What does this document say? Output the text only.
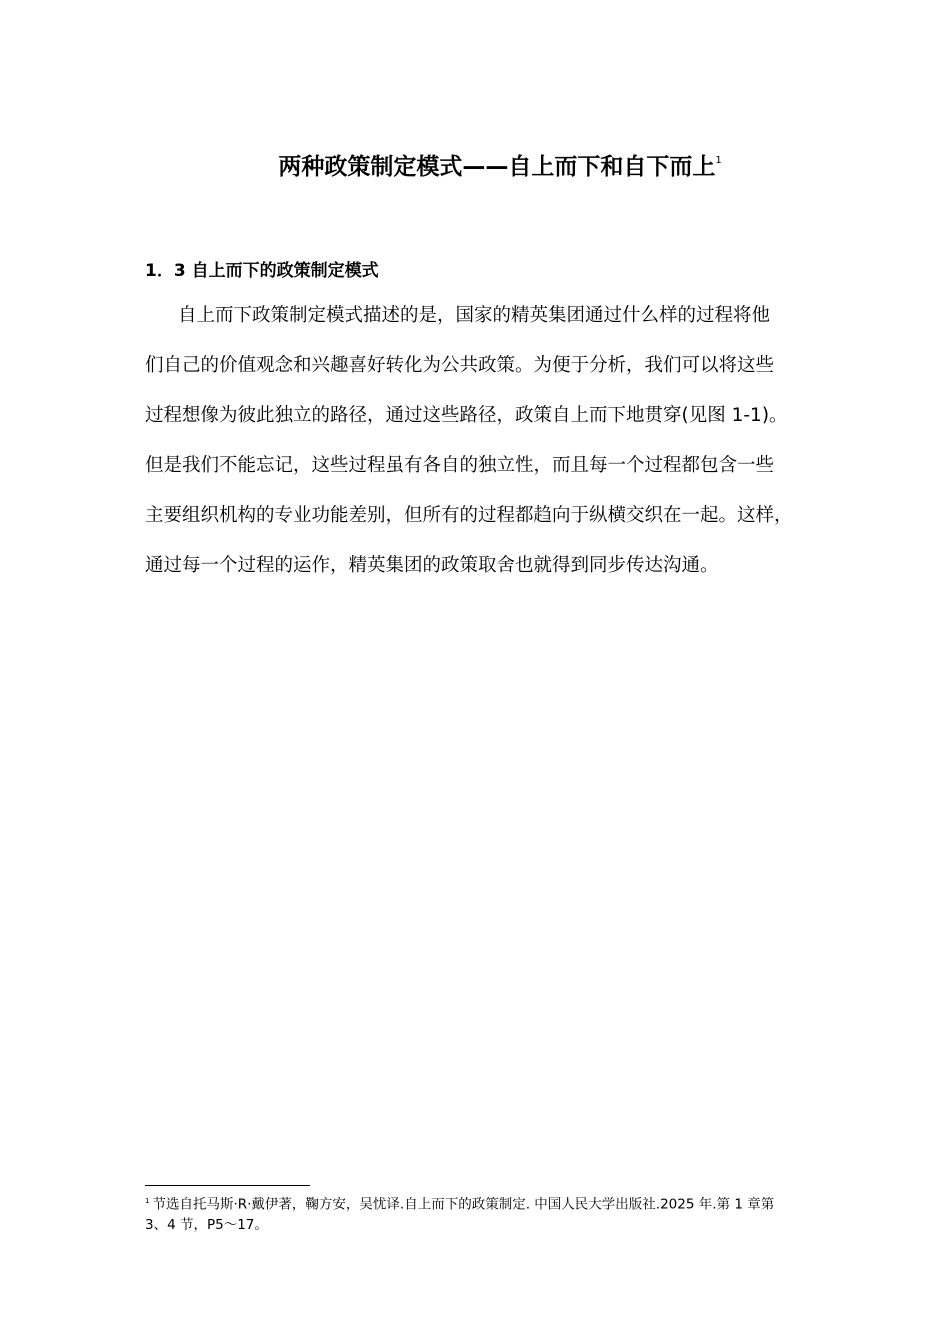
两种政策制定模式——自上而下和自下而上$^1$
1．3 自上而下的政策制定模式
自上而下政策制定模式描述的是，国家的精英集团通过什么样的过程将他
们自己的价值观念和兴趣喜好转化为公共政策。为便于分析，我们可以将这些
过程想像为彼此独立的路径，通过这些路径，政策自上而下地贯穿(见图 1-1)。
但是我们不能忘记，这些过程虽有各自的独立性，而且每一个过程都包含一些
主要组织机构的专业功能差别，但所有的过程都趋向于纵横交织在一起。这样，
通过每一个过程的运作，精英集团的政策取舍也就得到同步传达沟通。
$^1$ 节选自托马斯·R·戴伊著，鞠方安，吴忧译.自上而下的政策制定. 中国人民大学出版社.2025 年.第 1 章第
3、4 节，P5～17。
